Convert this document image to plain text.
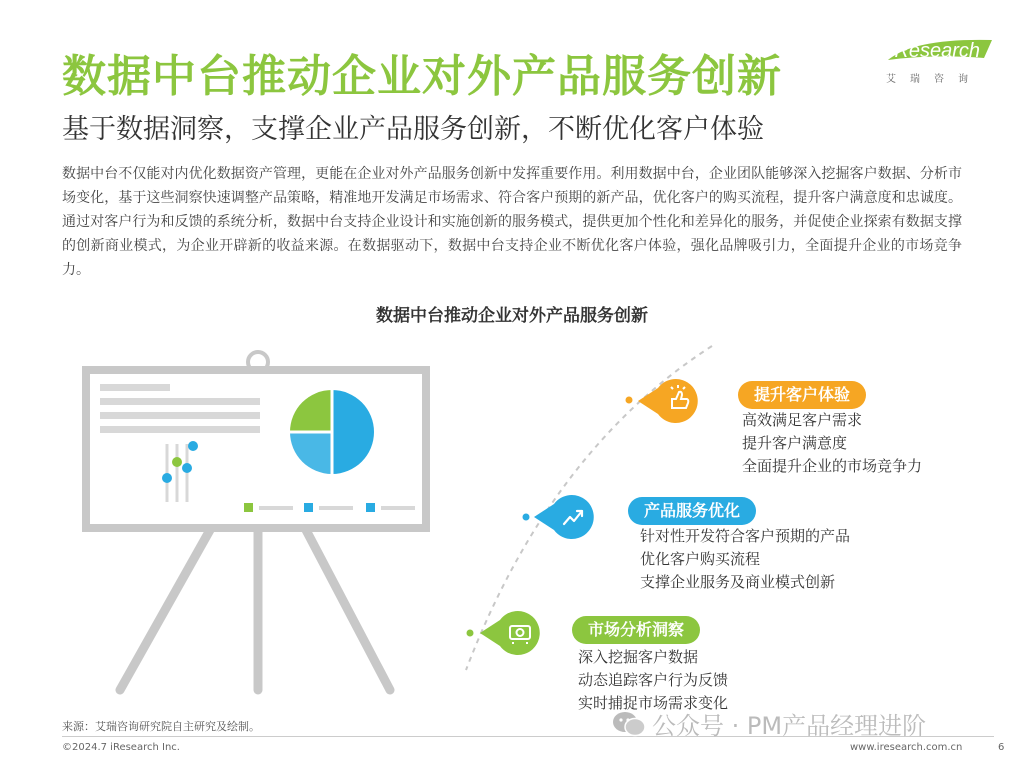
数据中台推动企业对外产品服务创新
基于数据洞察，支撑企业产品服务创新，不断优化客户体验
iResearch
艾瑞咨询
数据中台不仅能对内优化数据资产管理，更能在企业对外产品服务创新中发挥重要作用。利用数据中台，企业团队能够深入挖掘客户数据、分析市场变化，基于这些洞察快速调整产品策略，精准地开发满足市场需求、符合客户预期的新产品，优化客户的购买流程，提升客户满意度和忠诚度。通过对客户行为和反馈的系统分析，数据中台支持企业设计和实施创新的服务模式，提供更加个性化和差异化的服务，并促使企业探索有数据支撑的创新商业模式，为企业开辟新的收益来源。在数据驱动下，数据中台支持企业不断优化客户体验，强化品牌吸引力，全面提升企业的市场竞争力。
数据中台推动企业对外产品服务创新
提升客户体验
高效满足客户需求
提升客户满意度
全面提升企业的市场竞争力
产品服务优化
针对性开发符合客户预期的产品
优化客户购买流程
支撑企业服务及商业模式创新
市场分析洞察
深入挖掘客户数据
动态追踪客户行为反馈
实时捕捉市场需求变化
来源：艾瑞咨询研究院自主研究及绘制。
©2024.7 iResearch Inc.	www.iresearch.com.cn	6
公众号 · PM产品经理进阶
